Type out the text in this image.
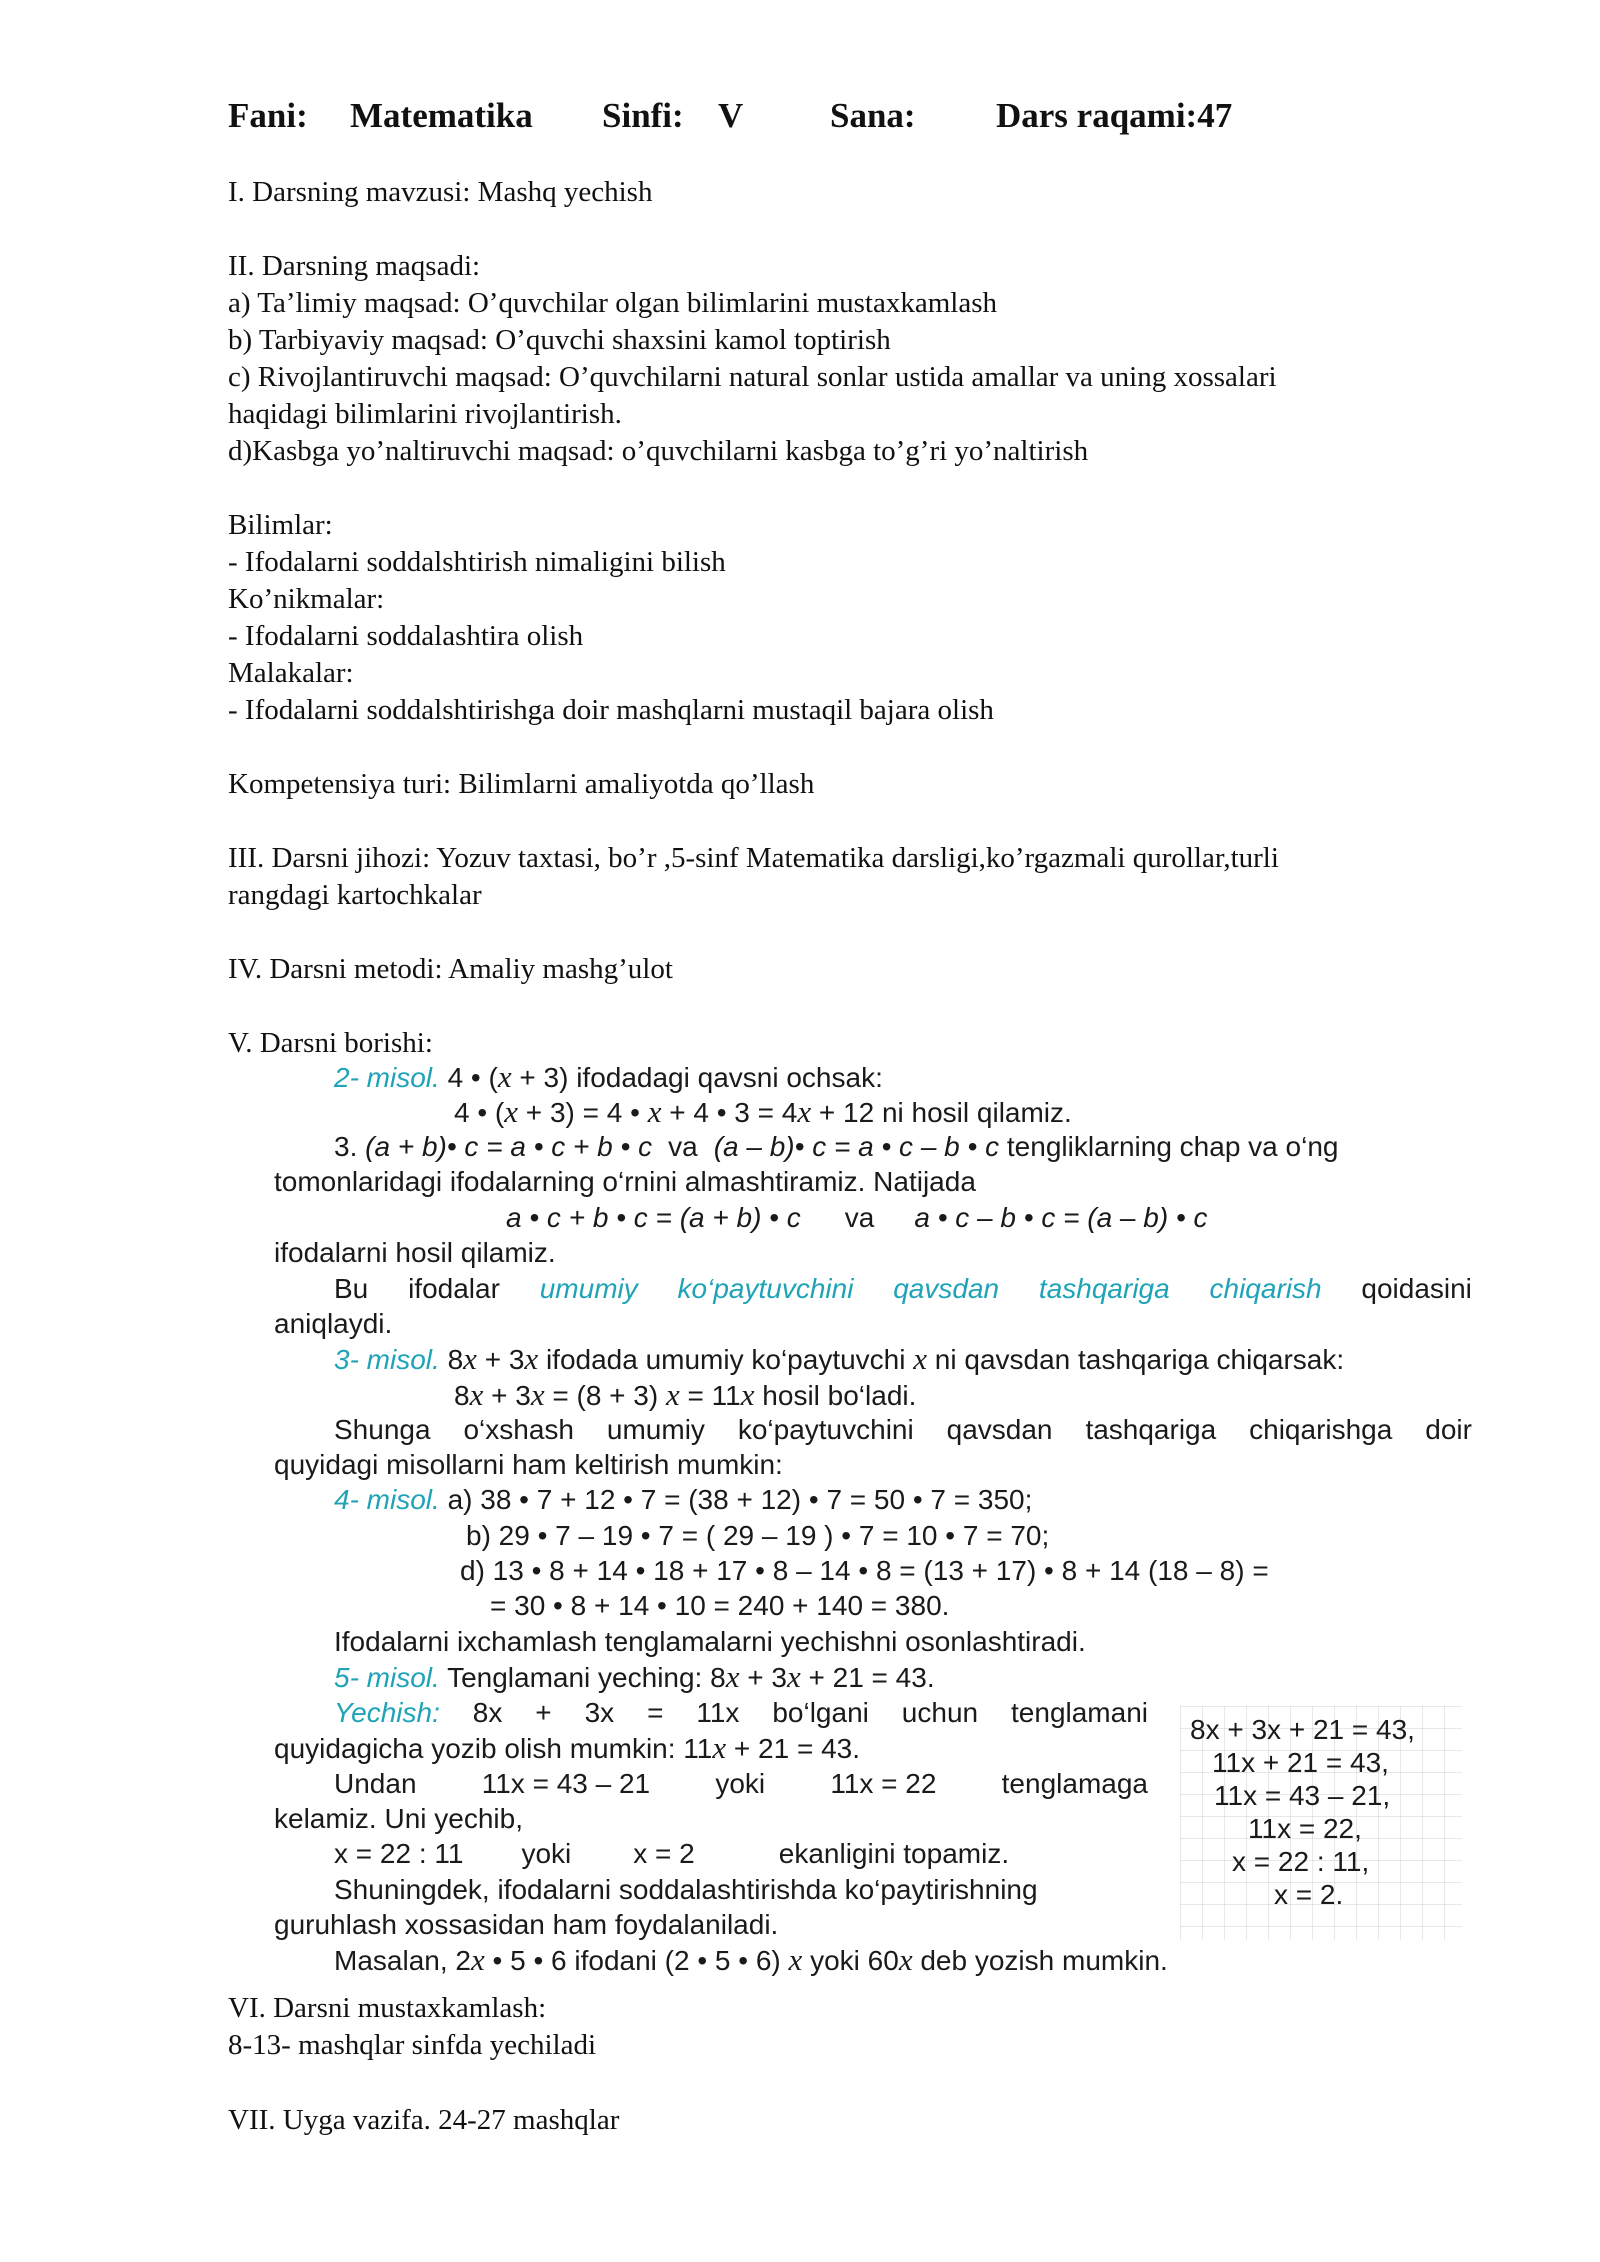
Fani: Matematika Sinfi: V Sana: Dars raqami:47
I. Darsning mavzusi: Mashq yechish
II. Darsning maqsadi:
a) Ta’limiy maqsad: O’quvchilar olgan bilimlarini mustaxkamlash
b) Tarbiyaviy maqsad: O’quvchi shaxsini kamol toptirish
c) Rivojlantiruvchi maqsad: O’quvchilarni natural sonlar ustida amallar va uning xossalari
haqidagi bilimlarini rivojlantirish.
d)Kasbga yo’naltiruvchi maqsad: o’quvchilarni kasbga to’g’ri yo’naltirish
Bilimlar:
- Ifodalarni soddalshtirish nimaligini bilish
Ko’nikmalar:
- Ifodalarni soddalashtira olish
Malakalar:
- Ifodalarni soddalshtirishga doir mashqlarni mustaqil bajara olish
Kompetensiya turi: Bilimlarni amaliyotda qo’llash
III. Darsni jihozi: Yozuv taxtasi, bo’r ,5-sinf Matematika darsligi,ko’rgazmali qurollar,turli
rangdagi kartochkalar
IV. Darsni metodi: Amaliy mashg’ulot
V. Darsni borishi:
2- misol. 4 • (x + 3) ifodadagi qavsni ochsak:
4 • (x + 3) = 4 • x + 4 • 3 = 4x + 12 ni hosil qilamiz.
3. (a + b)• c = a • c + b • c va (a – b)• c = a • c – b • c tengliklarning chap va o‘ng
tomonlaridagi ifodalarning o‘rnini almashtiramiz. Natijada
a • c + b • c = (a + b) • c va a • c – b • c = (a – b) • c
ifodalarni hosil qilamiz.
Bu ifodalar umumiy ko‘paytuvchini qavsdan tashqariga chiqarish qoidasini
aniqlaydi.
3- misol. 8x + 3x ifodada umumiy ko‘paytuvchi x ni qavsdan tashqariga chiqarsak:
8x + 3x = (8 + 3) x = 11x hosil bo‘ladi.
Shunga o‘xshash umumiy ko‘paytuvchini qavsdan tashqariga chiqarishga doir
quyidagi misollarni ham keltirish mumkin:
4- misol. a) 38 • 7 + 12 • 7 = (38 + 12) • 7 = 50 • 7 = 350;
b) 29 • 7 – 19 • 7 = ( 29 – 19 ) • 7 = 10 • 7 = 70;
d) 13 • 8 + 14 • 18 + 17 • 8 – 14 • 8 = (13 + 17) • 8 + 14 (18 – 8) =
= 30 • 8 + 14 • 10 = 240 + 140 = 380.
Ifodalarni ixchamlash tenglamalarni yechishni osonlashtiradi.
5- misol. Tenglamani yeching: 8x + 3x + 21 = 43.
Yechish: 8x + 3x = 11x bo‘lgani uchun tenglamani
quyidagicha yozib olish mumkin: 11x + 21 = 43.
Undan 11x = 43 – 21 yoki 11x = 22 tenglamaga
kelamiz. Uni yechib,
x = 22 : 11 yoki x = 2	ekanligini topamiz.
Shuningdek, ifodalarni soddalashtirishda ko‘paytirishning
guruhlash xossasidan ham foydalaniladi.
Masalan, 2x • 5 • 6 ifodani (2 • 5 • 6) x yoki 60x deb yozish mumkin.
8x + 3x + 21 = 43,
11x + 21 = 43,
11x = 43 – 21,
11x = 22,
x = 22 : 11,
x = 2.
VI. Darsni mustaxkamlash:
8-13- mashqlar sinfda yechiladi
VII. Uyga vazifa. 24-27 mashqlar
